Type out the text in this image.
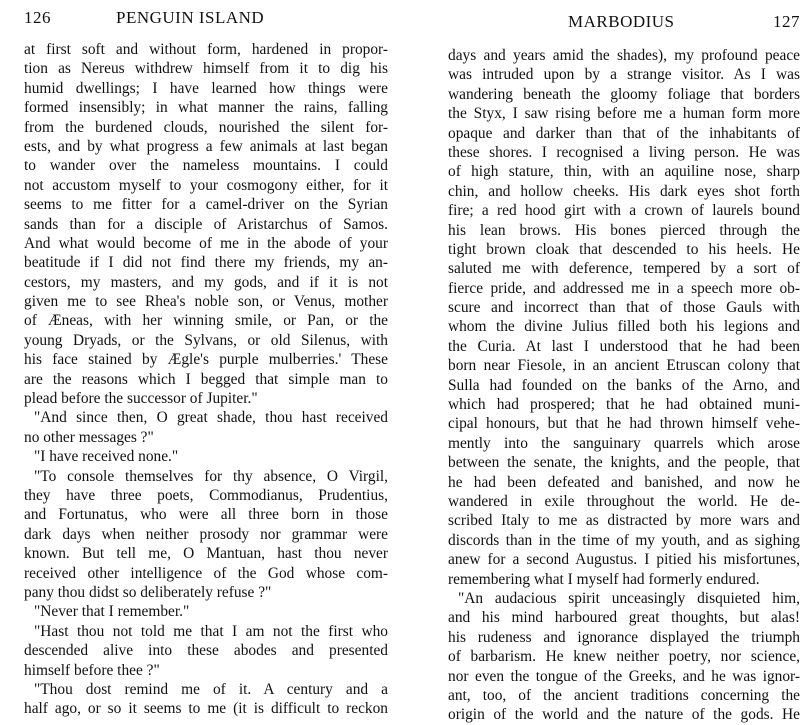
126	PENGUIN ISLAND
at first soft and without form, hardened in propor-
tion as Nereus withdrew himself from it to dig his
humid dwellings; I have learned how things were
formed insensibly; in what manner the rains, falling
from the burdened clouds, nourished the silent for-
ests, and by what progress a few animals at last began
to wander over the nameless mountains. I could
not accustom myself to your cosmogony either, for it
seems to me fitter for a camel-driver on the Syrian
sands than for a disciple of Aristarchus of Samos.
And what would become of me in the abode of your
beatitude if I did not find there my friends, my an-
cestors, my masters, and my gods, and if it is not
given me to see Rhea's noble son, or Venus, mother
of Æneas, with her winning smile, or Pan, or the
young Dryads, or the Sylvans, or old Silenus, with
his face stained by Ægle's purple mulberries.' These
are the reasons which I begged that simple man to
plead before the successor of Jupiter."
"And since then, O great shade, thou hast received
no other messages ?"
"I have received none."
"To console themselves for thy absence, O Virgil,
they have three poets, Commodianus, Prudentius,
and Fortunatus, who were all three born in those
dark days when neither prosody nor grammar were
known. But tell me, O Mantuan, hast thou never
received other intelligence of the God whose com-
pany thou didst so deliberately refuse ?"
"Never that I remember."
"Hast thou not told me that I am not the first who
descended alive into these abodes and presented
himself before thee ?"
"Thou dost remind me of it. A century and a
half ago, or so it seems to me (it is difficult to reckon
MARBODIUS	127
days and years amid the shades), my profound peace
was intruded upon by a strange visitor. As I was
wandering beneath the gloomy foliage that borders
the Styx, I saw rising before me a human form more
opaque and darker than that of the inhabitants of
these shores. I recognised a living person. He was
of high stature, thin, with an aquiline nose, sharp
chin, and hollow cheeks. His dark eyes shot forth
fire; a red hood girt with a crown of laurels bound
his lean brows. His bones pierced through the
tight brown cloak that descended to his heels. He
saluted me with deference, tempered by a sort of
fierce pride, and addressed me in a speech more ob-
scure and incorrect than that of those Gauls with
whom the divine Julius filled both his legions and
the Curia. At last I understood that he had been
born near Fiesole, in an ancient Etruscan colony that
Sulla had founded on the banks of the Arno, and
which had prospered; that he had obtained muni-
cipal honours, but that he had thrown himself vehe-
mently into the sanguinary quarrels which arose
between the senate, the knights, and the people, that
he had been defeated and banished, and now he
wandered in exile throughout the world. He de-
scribed Italy to me as distracted by more wars and
discords than in the time of my youth, and as sighing
anew for a second Augustus. I pitied his misfortunes,
remembering what I myself had formerly endured.
"An audacious spirit unceasingly disquieted him,
and his mind harboured great thoughts, but alas!
his rudeness and ignorance displayed the triumph
of barbarism. He knew neither poetry, nor science,
nor even the tongue of the Greeks, and he was ignor-
ant, too, of the ancient traditions concerning the
origin of the world and the nature of the gods. He
